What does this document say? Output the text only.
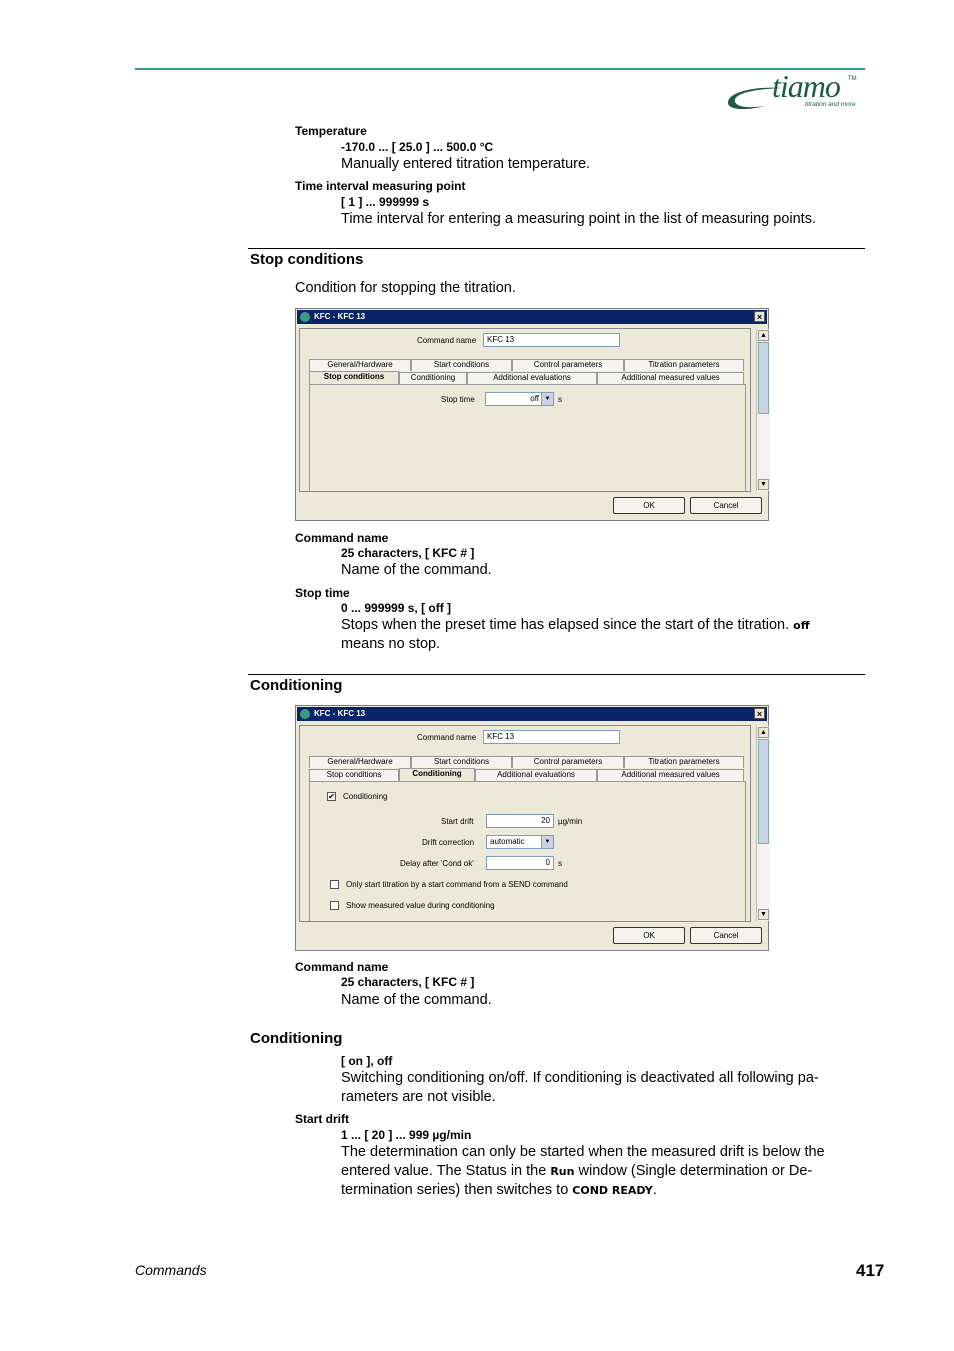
tiamo TM
titration and more
Temperature
-170.0 ... [ 25.0 ] ... 500.0 °C
Manually entered titration temperature.
Time interval measuring point
[ 1 ] ... 999999 s
Time interval for entering a measuring point in the list of measuring points.
Stop conditions
Condition for stopping the titration.
KFC - KFC 13	×
Command name	KFC 13
General/Hardware	Start conditions	Control parameters	Titration parameters
Stop conditions	Conditioning	Additional evaluations	Additional measured values
Stop time	off ▼ s
▲
▼
OK	Cancel
Command name
25 characters, [ KFC # ]
Name of the command.
Stop time
0 ... 999999 s, [ off ]
Stops when the preset time has elapsed since the start of the titration. off
means no stop.
Conditioning
KFC - KFC 13	×
Command name	KFC 13
General/Hardware	Start conditions	Control parameters	Titration parameters
Stop conditions	Conditioning	Additional evaluations	Additional measured values
✔ Conditioning
Start drift	20	µg/min
Drift correction	automatic	▼
Delay after 'Cond ok'	0	s
Only start titration by a start command from a SEND command
Show measured value during conditioning
▲
▼
OK	Cancel
Command name
25 characters, [ KFC # ]
Name of the command.
Conditioning
[ on ], off
Switching conditioning on/off. If conditioning is deactivated all following pa-
rameters are not visible.
Start drift
1 ... [ 20 ] ... 999 µg/min
The determination can only be started when the measured drift is below the
entered value. The Status in the Run window (Single determination or De-
termination series) then switches to COND READY.
Commands	417
